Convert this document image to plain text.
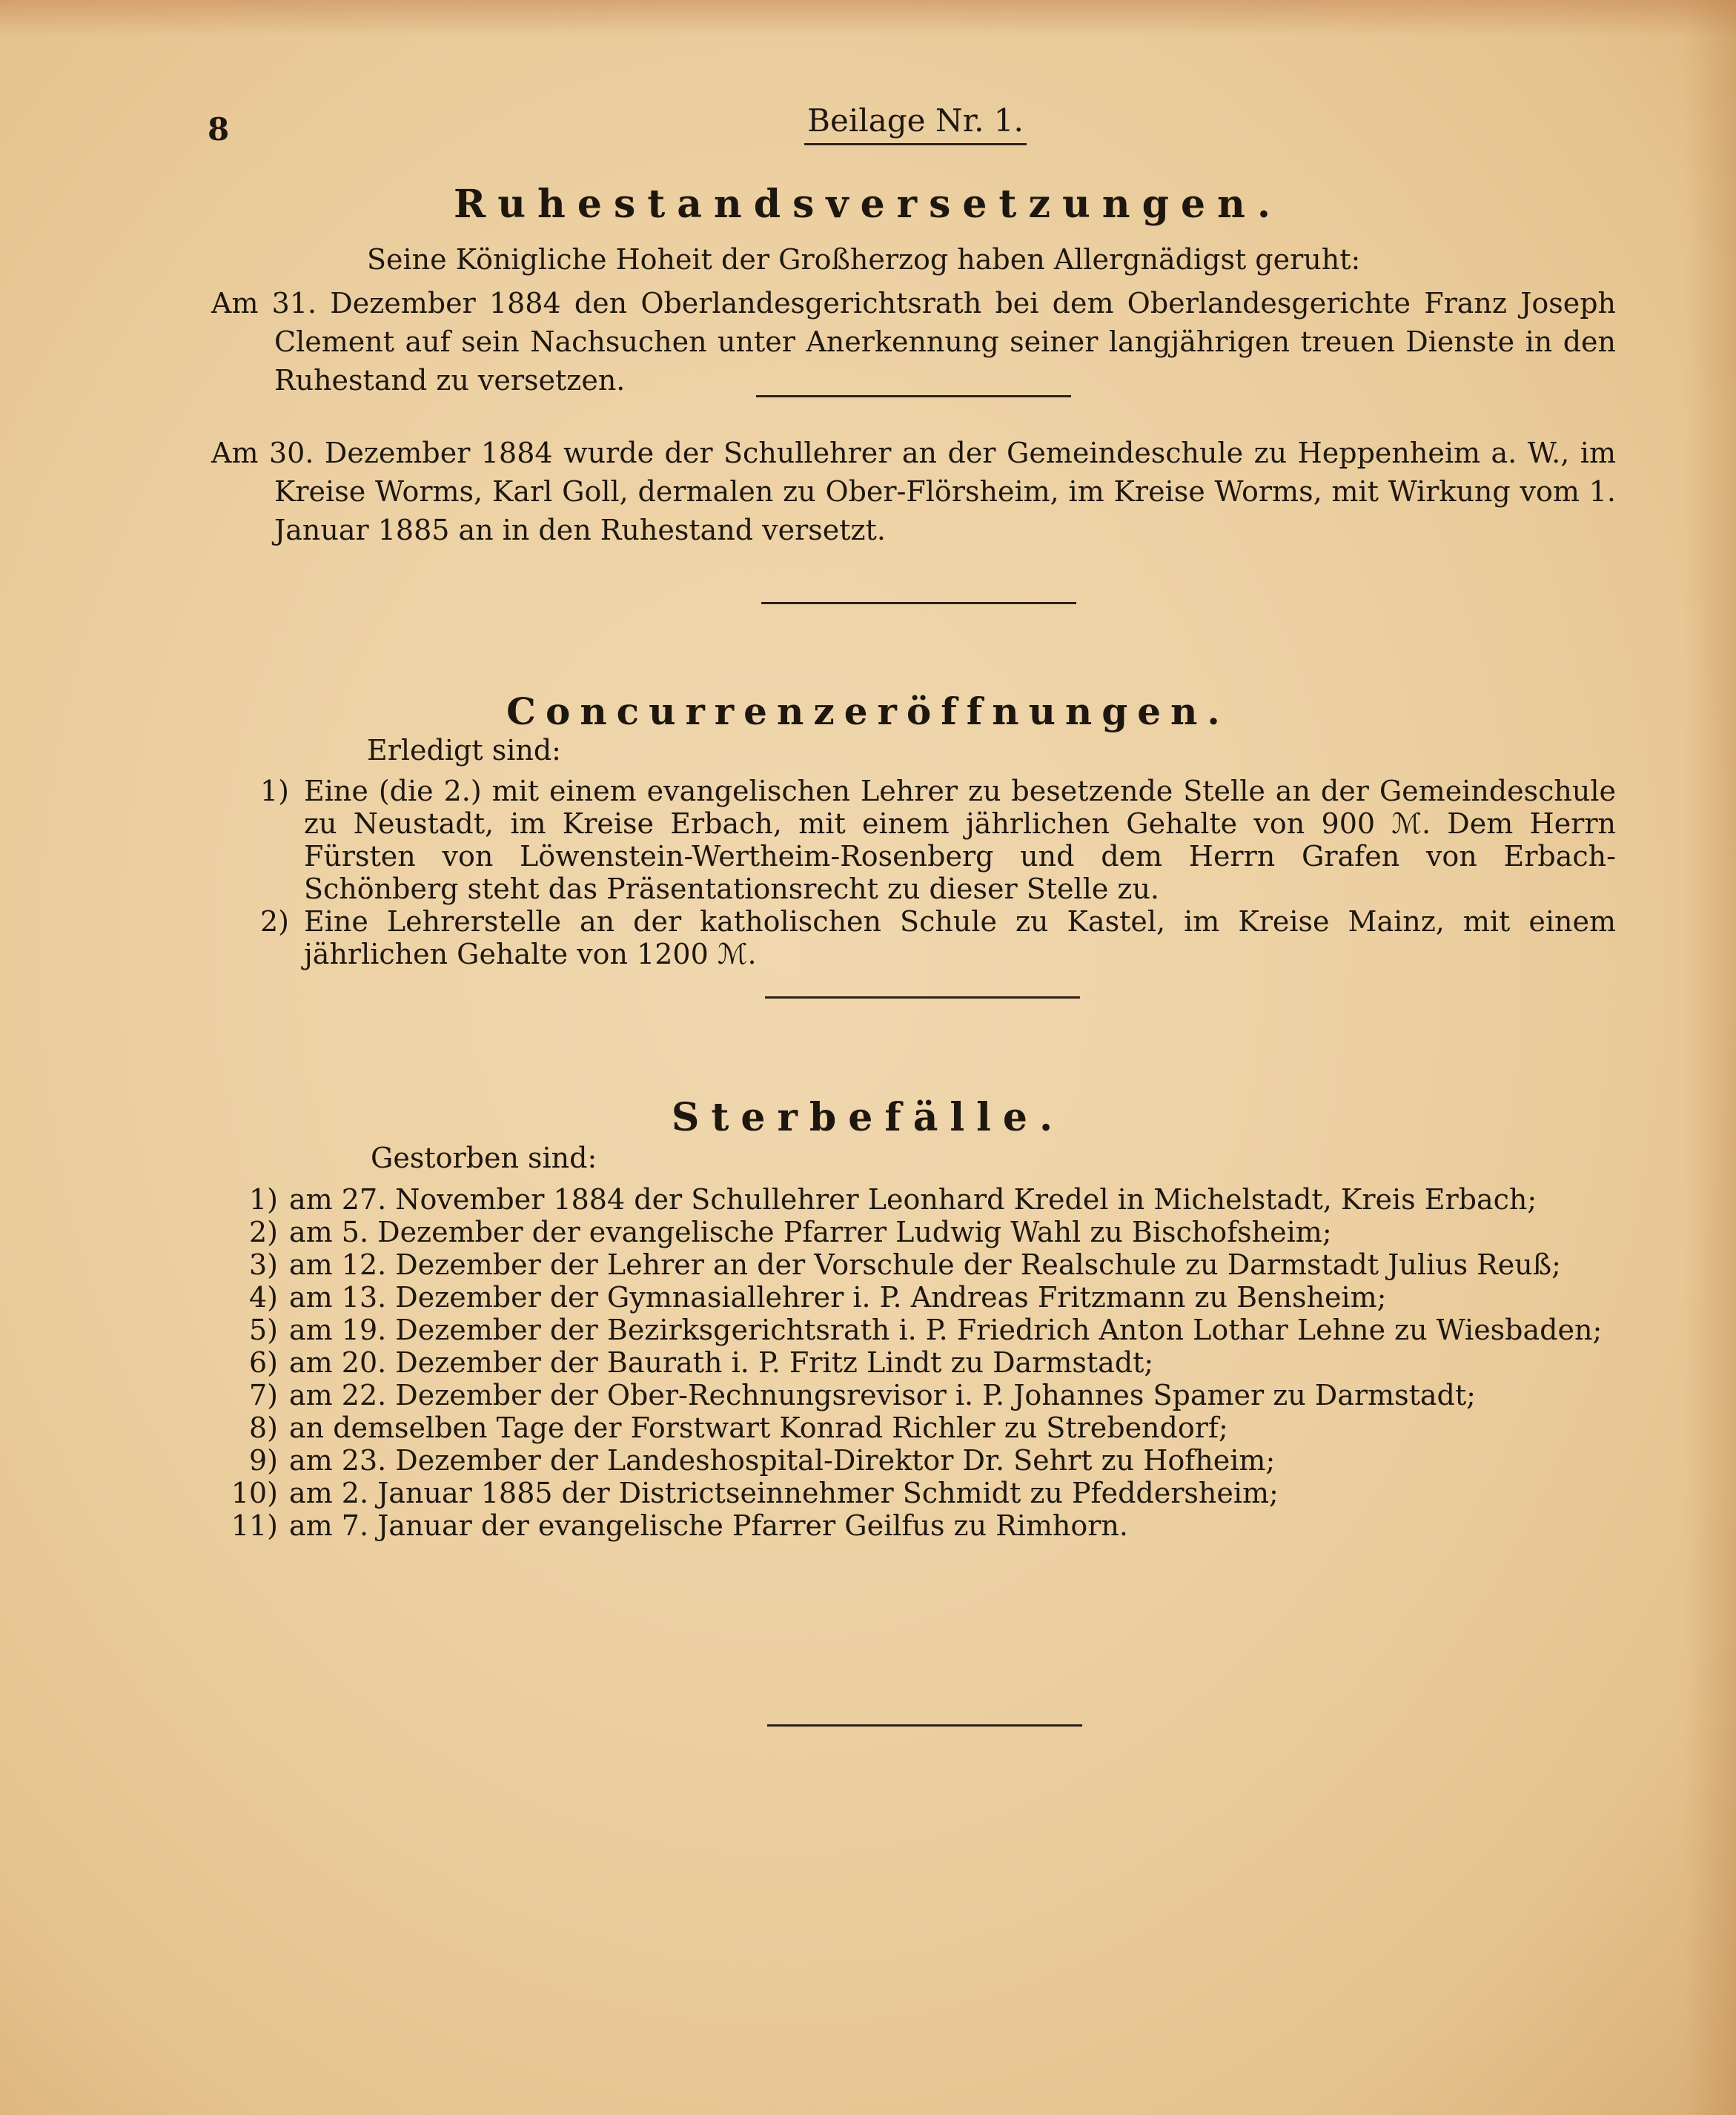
8	Beilage Nr. 1.
Ruhestandsversetzungen.
Seine Königliche Hoheit der Großherzog haben Allergnädigst geruht:
Am 31. Dezember 1884 den Oberlandesgerichtsrath bei dem Oberlandesgerichte Franz Joseph Clement auf sein Nachsuchen unter Anerkennung seiner langjährigen treuen Dienste in den Ruhestand zu versetzen.
Am 30. Dezember 1884 wurde der Schullehrer an der Gemeindeschule zu Heppenheim a. W., im Kreise Worms, Karl Goll, dermalen zu Ober-Flörsheim, im Kreise Worms, mit Wirkung vom 1. Januar 1885 an in den Ruhestand versetzt.
Concurrenzeröffnungen.
Erledigt sind:
1) Eine (die 2.) mit einem evangelischen Lehrer zu besetzende Stelle an der Gemeindeschule zu Neustadt, im Kreise Erbach, mit einem jährlichen Gehalte von 900 ℳ. Dem Herrn Fürsten von Löwenstein-Wertheim-Rosenberg und dem Herrn Grafen von Erbach-Schönberg steht das Präsentationsrecht zu dieser Stelle zu.
2) Eine Lehrerstelle an der katholischen Schule zu Kastel, im Kreise Mainz, mit einem jährlichen Gehalte von 1200 ℳ.
Sterbefälle.
Gestorben sind:
1) am 27. November 1884 der Schullehrer Leonhard Kredel in Michelstadt, Kreis Erbach;
2) am 5. Dezember der evangelische Pfarrer Ludwig Wahl zu Bischofsheim;
3) am 12. Dezember der Lehrer an der Vorschule der Realschule zu Darmstadt Julius Reuß;
4) am 13. Dezember der Gymnasiallehrer i. P. Andreas Fritzmann zu Bensheim;
5) am 19. Dezember der Bezirksgerichtsrath i. P. Friedrich Anton Lothar Lehne zu Wiesbaden;
6) am 20. Dezember der Baurath i. P. Fritz Lindt zu Darmstadt;
7) am 22. Dezember der Ober-Rechnungsrevisor i. P. Johannes Spamer zu Darmstadt;
8) an demselben Tage der Forstwart Konrad Richler zu Strebendorf;
9) am 23. Dezember der Landeshospital-Direktor Dr. Sehrt zu Hofheim;
10) am 2. Januar 1885 der Districtseinnehmer Schmidt zu Pfeddersheim;
11) am 7. Januar der evangelische Pfarrer Geilfus zu Rimhorn.
